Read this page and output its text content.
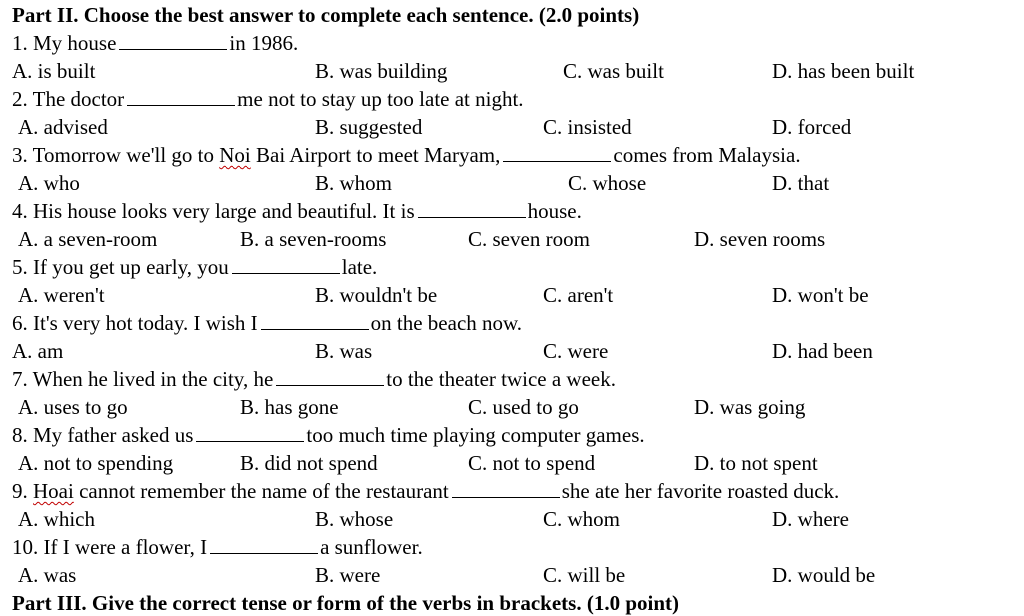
Part II. Choose the best answer to complete each sentence. (2.0 points)
1. My house	in 1986.
A. is built	B. was building	C. was built	D. has been built
2. The doctor	me not to stay up too late at night.
A. advised	B. suggested	C. insisted	D. forced
3. Tomorrow we'll go to Noi Bai Airport to meet Maryam,	comes from Malaysia.
A. who	B. whom	C. whose	D. that
4. His house looks very large and beautiful. It is	house.
A. a seven-room	B. a seven-rooms	C. seven room	D. seven rooms
5. If you get up early, you	late.
A. weren't	B. wouldn't be	C. aren't	D. won't be
6. It's very hot today. I wish I	on the beach now.
A. am	B. was	C. were	D. had been
7. When he lived in the city, he	to the theater twice a week.
A. uses to go	B. has gone	C. used to go	D. was going
8. My father asked us	too much time playing computer games.
A. not to spending	B. did not spend	C. not to spend	D. to not spent
9. Hoai cannot remember the name of the restaurant	she ate her favorite roasted duck.
A. which	B. whose	C. whom	D. where
10. If I were a flower, I	a sunflower.
A. was	B. were	C. will be	D. would be
Part III. Give the correct tense or form of the verbs in brackets. (1.0 point)
